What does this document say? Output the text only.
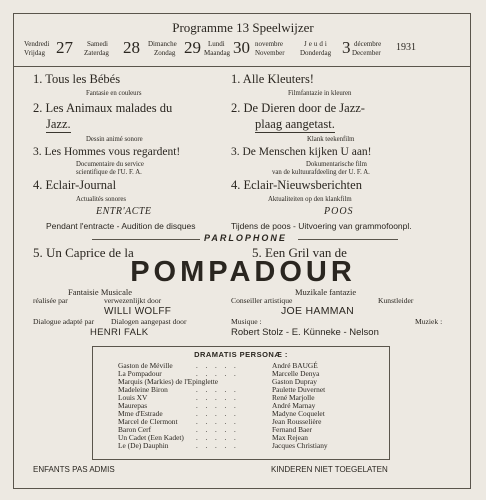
Programme 13 Speelwijzer
Vendredi
Vrijdag 27 Samedi
Zaterdag 28 Dimanche
Zondag 29 Lundi
Maandag 30 novembre
November
Jeudi
Donderdag 3 décembre
December 1931
1. Tous les Bébés
Fantasie en couleurs
2. Les Animaux malades du
Jazz.
Dessin animé sonore
3. Les Hommes vous regardent!
Documentaire du service
scientifique de l'U. F. A.
4. Eclair-Journal
Actualités sonores
1. Alle Kleuters!
Filmfantazie in kleuren
2. De Dieren door de Jazz-
plaag aangetast.
Klank teekenfilm
3. De Menschen kijken U aan!
Dokumentarische film
van de kultuurafdeeling der U. F. A.
4. Eclair-Nieuwsberichten
Aktualiteiten op den klankfilm
ENTR'ACTE	POOS
Pendant l'entracte - Audition de disques	Tijdens de poos - Uitvoering van grammofoonpl.
PARLOPHONE
5. Un Caprice de la	5. Een Gril van de
POMPADOUR
Fantaisie Musicale	Muzikale fantazie
réalisée par	verwezenlijkt door	Conseiller artistique	Kunstleider
WILLI WOLFF	JOE HAMMAN
Dialogue adapté par Dialogen aangepast door	Musique :	Muziek :
HENRI FALK	Robert Stolz - E. Künneke - Nelson
DRAMATIS PERSONÆ :
Gaston de Méville	. . . . .	André BAUGÉ
La Pompadour	. . . . .	Marcelle Denya
Marquis (Markies) de l'Epinglette	Gaston Dupray
Madeleine Biron	. . . . .	Paulette Duvernet
Louis XV	. . . . .	René Marjolle
Maurepas	. . . . .	André Marnay
Mme d'Estrade	. . . . .	Madyne Coquelet
Marcel de Clermont	. . . . .	Jean Rousselière
Baron Cerf	. . . . .	Fernand Baer
Un Cadet (Een Kadet) . . . . .	Max Rejean
Le (De) Dauphin	. . . . .	Jacques Christiany
ENFANTS PAS ADMIS	KINDEREN NIET TOEGELATEN
